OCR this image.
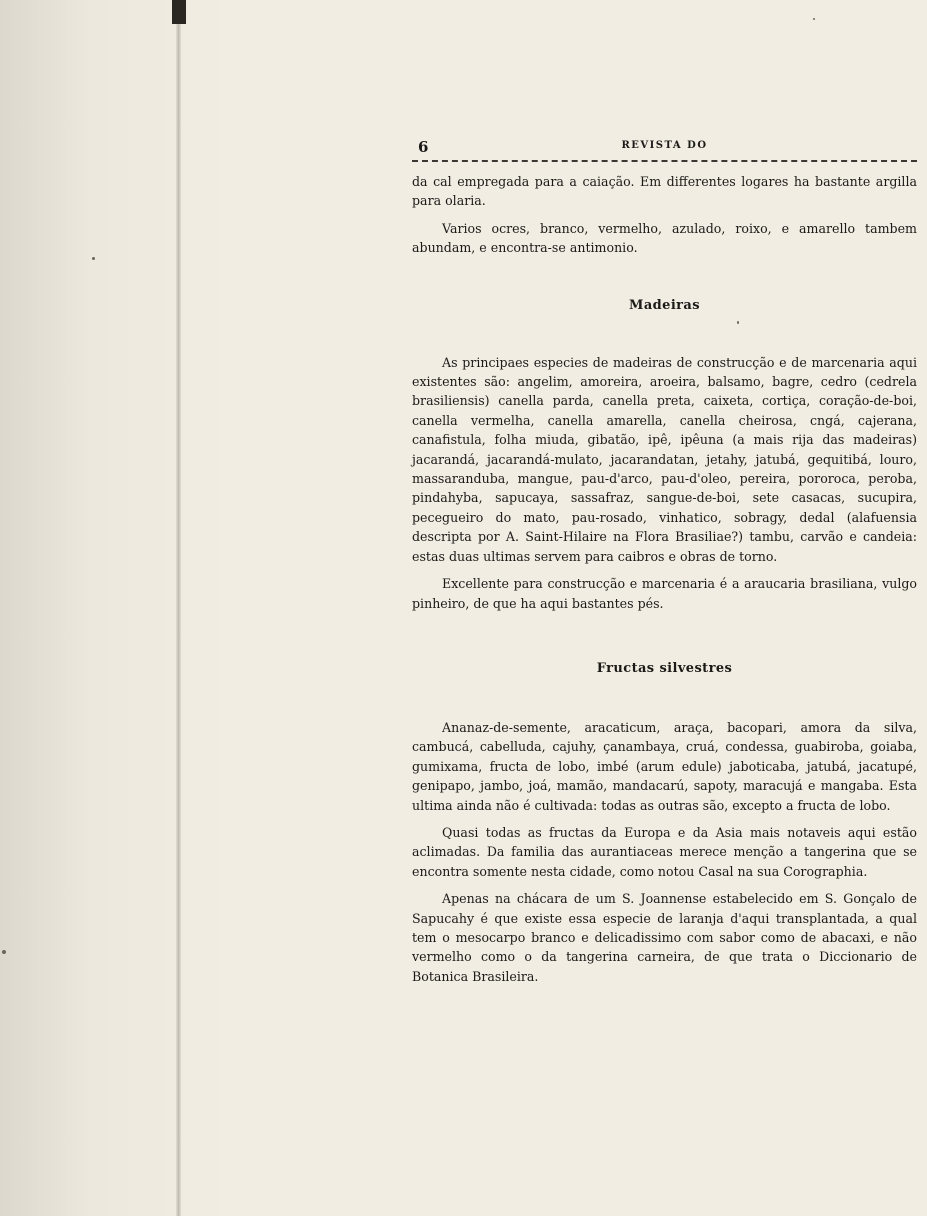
6	REVISTA DO

da cal empregada para a caiação. Em differentes logares ha bastante argilla para olaria.

Varios ocres, branco, vermelho, azulado, roixo, e amarello tambem abundam, e encontra-se antimonio.

Madeiras

As principaes especies de madeiras de construcção e de marcenaria aqui existentes são: angelim, amoreira, aroeira, balsamo, bagre, cedro (cedrela brasiliensis) canella parda, canella preta, caixeta, cortiça, coração-de-boi, canella vermelha, canella amarella, canella cheirosa, cngá, cajerana, canafistula, folha miuda, gibatão, ipê, ipêuna (a mais rija das madeiras) jacarandá, jacarandá-mulato, jacarandatan, jetahy, jatubá, gequitibá, louro, massaranduba, mangue, pau-d'arco, pau-d'oleo, pereira, pororoca, peroba, pindahyba, sapucaya, sassafraz, sangue-de-boi, sete casacas, sucupira, pecegueiro do mato, pau-rosado, vinhatico, sobragy, dedal (alafuensia descripta por A. Saint-Hilaire na Flora Brasiliae?) tambu, carvão e candeia: estas duas ultimas servem para caibros e obras de torno.

Excellente para construcção e marcenaria é a araucaria brasiliana, vulgo pinheiro, de que ha aqui bastantes pés.

Fructas silvestres

Ananaz-de-semente, aracaticum, araça, bacopari, amora da silva, cambucá, cabelluda, cajuhy, çanambaya, cruá, condessa, guabiroba, goiaba, gumixama, fructa de lobo, imbé (arum edule) jaboticaba, jatubá, jacatupé, genipapo, jambo, joá, mamão, mandacarú, sapoty, maracujá e mangaba. Esta ultima ainda não é cultivada: todas as outras são, excepto a fructa de lobo.

Quasi todas as fructas da Europa e da Asia mais notaveis aqui estão aclimadas. Da familia das aurantiaceas merece menção a tangerina que se encontra somente nesta cidade, como notou Casal na sua Corographia.

Apenas na chácara de um S. Joannense estabelecido em S. Gonçalo de Sapucahy é que existe essa especie de laranja d'aqui transplantada, a qual tem o mesocarpo branco e delicadissimo com sabor como de abacaxi, e não vermelho como o da tangerina carneira, de que trata o Diccionario de Botanica Brasileira.
